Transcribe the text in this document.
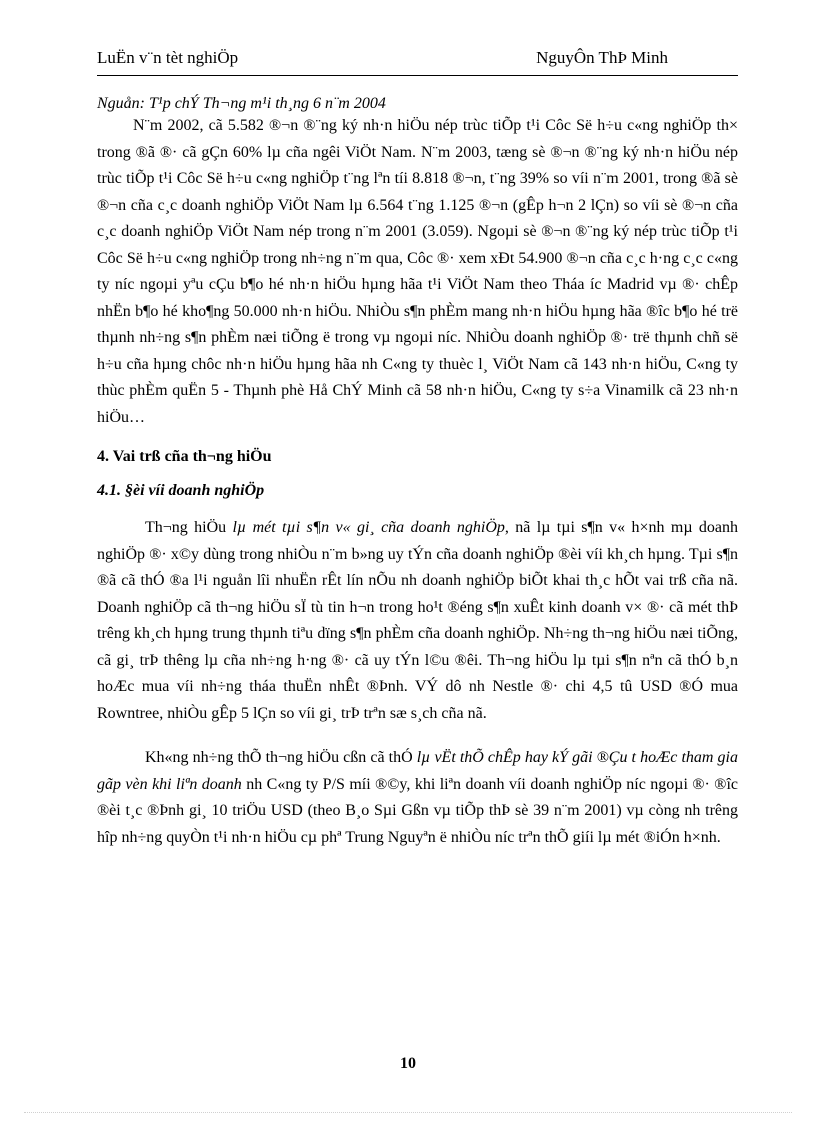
LuËn v¨n tèt nghiÖp	NguyÔn ThÞ Minh

Nguån: T¹p chÝ Th¬ng m¹i th¸ng 6 n¨m 2004

N¨m 2002, cã 5.582 ®¬n ®¨ng ký nh·n hiÖu nép trùc tiÕp t¹i Côc Së h÷u c«ng nghiÖp th× trong ®ã ®· cã gÇn 60% lµ cña ngêi ViÖt Nam. N¨m 2003, tæng sè ®¬n ®¨ng ký nh·n hiÖu nép trùc tiÕp t¹i Côc Së h÷u c«ng nghiÖp t¨ng lªn tíi 8.818 ®¬n, t¨ng 39% so víi n¨m 2001, trong ®ã sè ®¬n cña c¸c doanh nghiÖp ViÖt Nam lµ 6.564 t¨ng 1.125 ®¬n (gÊp h¬n 2 lÇn) so víi sè ®¬n cña c¸c doanh nghiÖp ViÖt Nam nép trong n¨m 2001 (3.059). Ngoµi sè ®¬n ®¨ng ký nép trùc tiÕp t¹i Côc Së h÷u c«ng nghiÖp trong nh÷ng n¨m qua, Côc ®· xem xÐt 54.900 ®¬n cña c¸c h·ng c¸c c«ng ty níc ngoµi yªu cÇu b¶o hé nh·n hiÖu hµng hãa t¹i ViÖt Nam theo Tháa íc Madrid vµ ®· chÊp nhËn b¶o hé kho¶ng 50.000 nh·n hiÖu. NhiÒu s¶n phÈm mang nh·n hiÖu hµng hãa ®îc b¶o hé trë thµnh nh÷ng s¶n phÈm næi tiÕng ë trong vµ ngoµi níc. NhiÒu doanh nghiÖp ®· trë thµnh chñ së h÷u cña hµng chôc nh·n hiÖu hµng hãa nh C«ng ty thuèc l¸ ViÖt Nam cã 143 nh·n hiÖu, C«ng ty thùc phÈm quËn 5 - Thµnh phè Hå ChÝ Minh cã 58 nh·n hiÖu, C«ng ty s÷a Vinamilk cã 23 nh·n hiÖu…

4. Vai trß cña th¬ng hiÖu

4.1. §èi víi doanh nghiÖp

Th¬ng hiÖu lµ mét tµi s¶n v« gi¸ cña doanh nghiÖp, nã lµ tµi s¶n v« h×nh mµ doanh nghiÖp ®· x©y dùng trong nhiÒu n¨m b»ng uy tÝn cña doanh nghiÖp ®èi víi kh¸ch hµng. Tµi s¶n ®ã cã thÓ ®a l¹i nguån lîi nhuËn rÊt lín nÕu nh doanh nghiÖp biÕt khai th¸c hÕt vai trß cña nã. Doanh nghiÖp cã th¬ng hiÖu sÏ tù tin h¬n trong ho¹t ®éng s¶n xuÊt kinh doanh v× ®· cã mét thÞ trêng kh¸ch hµng trung thµnh tiªu dïng s¶n phÈm cña doanh nghiÖp. Nh÷ng th¬ng hiÖu næi tiÕng, cã gi¸ trÞ thêng lµ cña nh÷ng h·ng ®· cã uy tÝn l©u ®êi. Th¬ng hiÖu lµ tµi s¶n nªn cã thÓ b¸n hoÆc mua víi nh÷ng tháa thuËn nhÊt ®Þnh. VÝ dô nh Nestle ®· chi 4,5 tû USD ®Ó mua Rowntree, nhiÒu gÊp 5 lÇn so víi gi¸ trÞ trªn sæ s¸ch cña nã.

Kh«ng nh÷ng thÕ th¬ng hiÖu cßn cã thÓ lµ vËt thÕ chÊp hay kÝ gãi ®Çu t hoÆc tham gia gãp vèn khi liªn doanh nh C«ng ty P/S míi ®©y, khi liªn doanh víi doanh nghiÖp níc ngoµi ®· ®îc ®èi t¸c ®Þnh gi¸ 10 triÖu USD (theo B¸o Sµi Gßn vµ tiÕp thÞ sè 39 n¨m 2001) vµ còng nh trêng hîp nh÷ng quyÒn t¹i nh·n hiÖu cµ phª Trung Nguyªn ë nhiÒu níc trªn thÕ giíi lµ mét ®iÓn h×nh.

10
